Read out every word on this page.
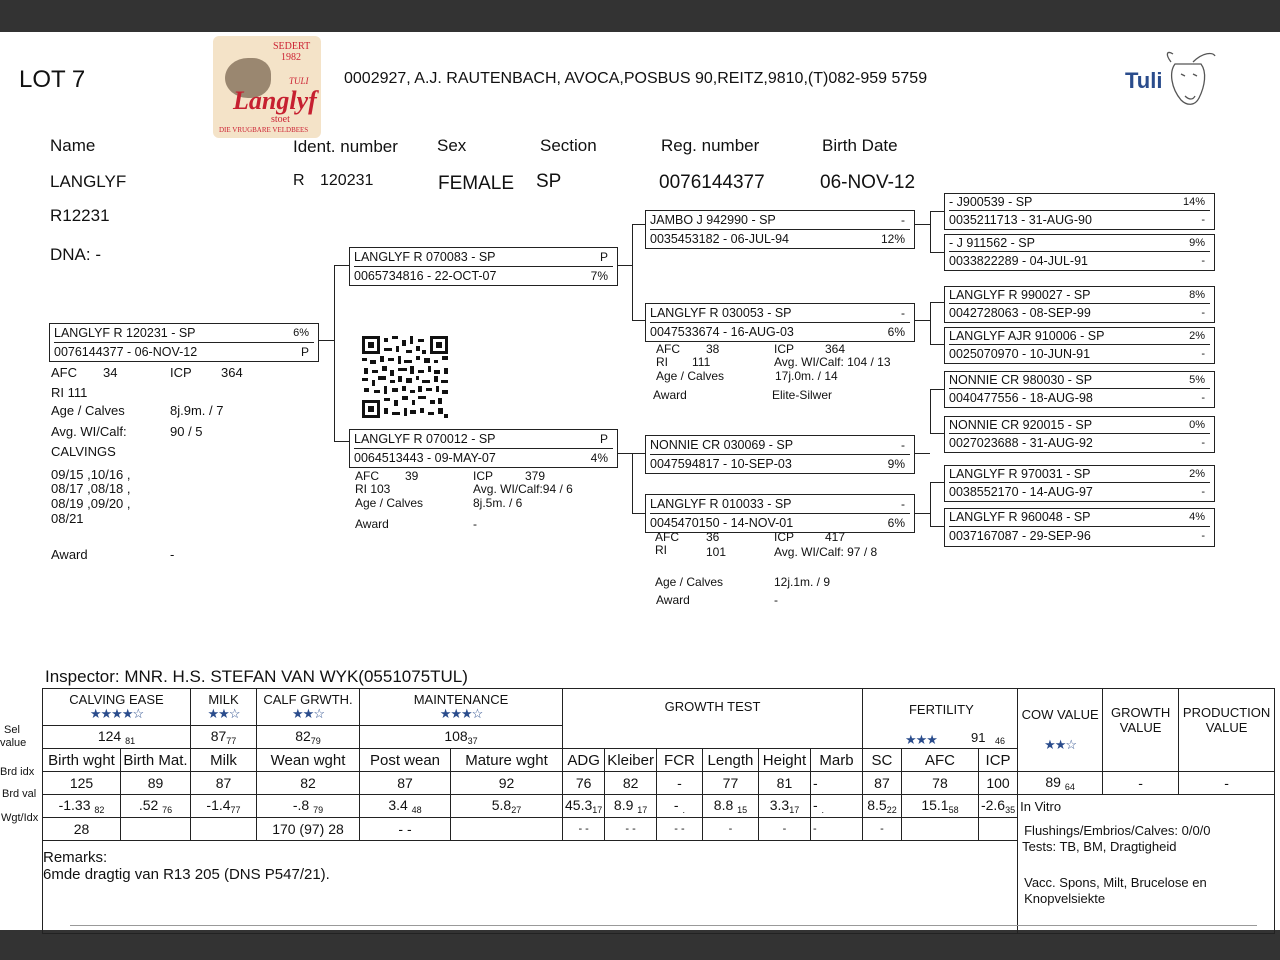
LOT 7
SEDERT
1982
TULI
Langlyf
stoet
DIE VRUGBARE VELDBEES
0002927, A.J. RAUTENBACH, AVOCA,POSBUS 90,REITZ,9810,(T)082-959 5759	Tuli
Name	Ident. number Sex	Section	Reg. number	Birth Date
LANGLYF	R 120231	FEMALE SP	0076144377	06-NOV-12
R12231
DNA: -
LANGLYF R 120231 - SP	6%
0076144377 - 06-NOV-12	P
AFC 34	ICP 364
RI 111
Age / Calves	8j.9m. / 7
Avg. WI/Calf:	90 / 5
CALVINGS
09/15 ,10/16 ,
08/17 ,08/18 ,
08/19 ,09/20 ,
08/21
Award	-
LANGLYF R 070083 - SP	P
0065734816 - 22-OCT-07	7%
LANGLYF R 070012 - SP	P
0064513443 - 09-MAY-07	4%
AFC 39	ICP	379
RI 103	Avg. WI/Calf:94 / 6
Age / Calves	8j.5m. / 6
Award	-
JAMBO J 942990 - SP	-
0035453182 - 06-JUL-94	12%
LANGLYF R 030053 - SP	-
0047533674 - 16-AUG-03	6%
AFC 38	ICP	364
RI 111	Avg. WI/Calf: 104 / 13
Age / Calves	17j.0m. / 14
Award	Elite-Silwer
NONNIE CR 030069 - SP	-
0047594817 - 10-SEP-03	9%
LANGLYF R 010033 - SP	-
0045470150 - 14-NOV-01	6%
AFC 36	ICP	417
RI	101	Avg. WI/Calf: 97 / 8
Age / Calves	12j.1m. / 9
Award	-
- J900539 - SP	14%
0035211713 - 31-AUG-90	-
- J 911562 - SP	9%
0033822289 - 04-JUL-91	-
LANGLYF R 990027 - SP	8%
0042728063 - 08-SEP-99	-
LANGLYF AJR 910006 - SP	2%
0025070970 - 10-JUN-91	-
NONNIE CR 980030 - SP	5%
0040477556 - 18-AUG-98	-
NONNIE CR 920015 - SP	0%
0027023688 - 31-AUG-92	-
LANGLYF R 970031 - SP	2%
0038552170 - 14-AUG-97	-
LANGLYF R 960048 - SP	4%
0037167087 - 29-SEP-96	-
Inspector: MNR. H.S. STEFAN VAN WYK(0551075TUL)
Sel
value
Brd idx
Brd val
Wgt/Idx
CALVING EASE
★★★★☆		MILK
★★☆	CALF GRWTH.
★★☆	MAINTENANCE
★★★☆		GROWTH TEST						FERTILITY
★★★ 91 46			COW VALUE
★★☆	GROWTH VALUE	PRODUCTION VALUE
124 $_{81}$		$87_{77}$	$82_{79}$	$108_{37}$
Birth wght	Birth Mat.	Milk	Wean wght	Post wean	Mature wght	ADG	Kleiber	FCR	Length	Height	Marb	SC	AFC	ICP			
125	89	87	82	87	92	76	82	-	77	81	-	87	78	100	89 $_{64}$	-	-
-1.33 $_{82}$	.52 $_{76}$	$-1.4_{77}$	-.8 $_{79}$	3.4 $_{48}$	$5.8_{27}$	$45.3_{17}$	8.9 $_{17}$	- $_.$	8.8 $_{15}$	$3.3_{17}$	- $_.$	$8.5_{22}$	$15.1_{58}$	$-2.6_{35}$	In Vitro		
28			170 (97) 28	- -		- -	- -	- -	-	-	-	-			Flushings/Embrios/Calves: 0/0/0
Tests: TB, BM, Dragtigheid
Vacc. Spons, Milt, Brucelose en
Knopvelsiekte		

Remarks:
6mde dragtig van R13 205 (DNS P547/21).																	
